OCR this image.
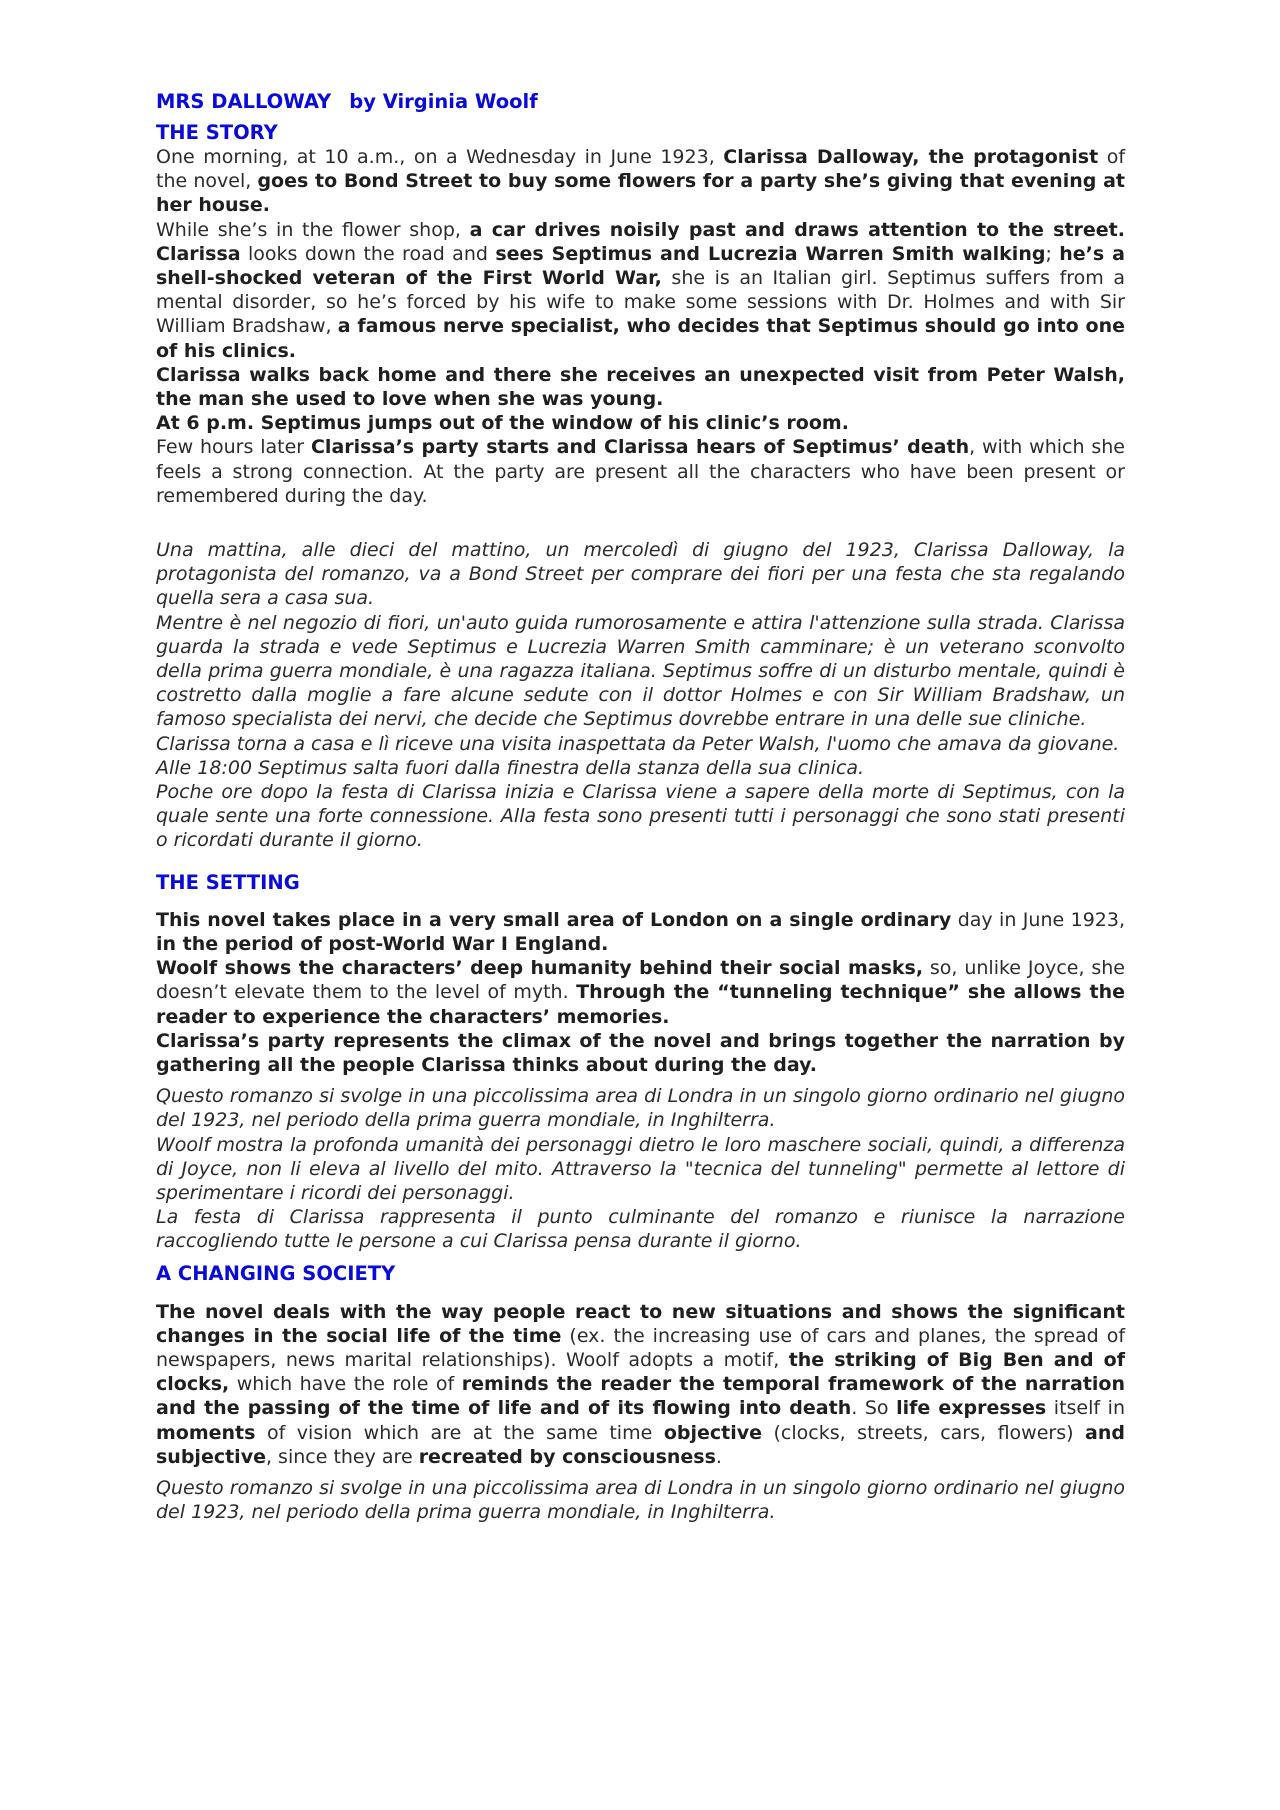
MRS DALLOWAY by Virginia Woolf
THE STORY

One morning, at 10 a.m., on a Wednesday in June 1923, Clarissa Dalloway, the protagonist of the novel, goes to Bond Street to buy some flowers for a party she’s giving that evening at her house.

While she’s in the flower shop, a car drives noisily past and draws attention to the street. Clarissa looks down the road and sees Septimus and Lucrezia Warren Smith walking; he’s a shell-shocked veteran of the First World War, she is an Italian girl. Septimus suffers from a mental disorder, so he’s forced by his wife to make some sessions with Dr. Holmes and with Sir William Bradshaw, a famous nerve specialist, who decides that Septimus should go into one of his clinics.

Clarissa walks back home and there she receives an unexpected visit from Peter Walsh, the man she used to love when she was young.

At 6 p.m. Septimus jumps out of the window of his clinic’s room.

Few hours later Clarissa’s party starts and Clarissa hears of Septimus’ death, with which she feels a strong connection. At the party are present all the characters who have been present or remembered during the day.

Una mattina, alle dieci del mattino, un mercoledì di giugno del 1923, Clarissa Dalloway, la protagonista del romanzo, va a Bond Street per comprare dei fiori per una festa che sta regalando quella sera a casa sua.

Mentre è nel negozio di fiori, un'auto guida rumorosamente e attira l'attenzione sulla strada. Clarissa guarda la strada e vede Septimus e Lucrezia Warren Smith camminare; è un veterano sconvolto della prima guerra mondiale, è una ragazza italiana. Septimus soffre di un disturbo mentale, quindi è costretto dalla moglie a fare alcune sedute con il dottor Holmes e con Sir William Bradshaw, un famoso specialista dei nervi, che decide che Septimus dovrebbe entrare in una delle sue cliniche.

Clarissa torna a casa e lì riceve una visita inaspettata da Peter Walsh, l'uomo che amava da giovane.

Alle 18:00 Septimus salta fuori dalla finestra della stanza della sua clinica.

Poche ore dopo la festa di Clarissa inizia e Clarissa viene a sapere della morte di Septimus, con la quale sente una forte connessione. Alla festa sono presenti tutti i personaggi che sono stati presenti o ricordati durante il giorno.

THE SETTING

This novel takes place in a very small area of London on a single ordinary day in June 1923, in the period of post-World War I England.

Woolf shows the characters’ deep humanity behind their social masks, so, unlike Joyce, she doesn’t elevate them to the level of myth. Through the “tunneling technique” she allows the reader to experience the characters’ memories.

Clarissa’s party represents the climax of the novel and brings together the narration by gathering all the people Clarissa thinks about during the day.

Questo romanzo si svolge in una piccolissima area di Londra in un singolo giorno ordinario nel giugno del 1923, nel periodo della prima guerra mondiale, in Inghilterra.

Woolf mostra la profonda umanità dei personaggi dietro le loro maschere sociali, quindi, a differenza di Joyce, non li eleva al livello del mito. Attraverso la "tecnica del tunneling" permette al lettore di sperimentare i ricordi dei personaggi.

La festa di Clarissa rappresenta il punto culminante del romanzo e riunisce la narrazione raccogliendo tutte le persone a cui Clarissa pensa durante il giorno.

A CHANGING SOCIETY

The novel deals with the way people react to new situations and shows the significant changes in the social life of the time (ex. the increasing use of cars and planes, the spread of newspapers, news marital relationships). Woolf adopts a motif, the striking of Big Ben and of clocks, which have the role of reminds the reader the temporal framework of the narration and the passing of the time of life and of its flowing into death. So life expresses itself in moments of vision which are at the same time objective (clocks, streets, cars, flowers) and subjective, since they are recreated by consciousness.

Questo romanzo si svolge in una piccolissima area di Londra in un singolo giorno ordinario nel giugno del 1923, nel periodo della prima guerra mondiale, in Inghilterra.
